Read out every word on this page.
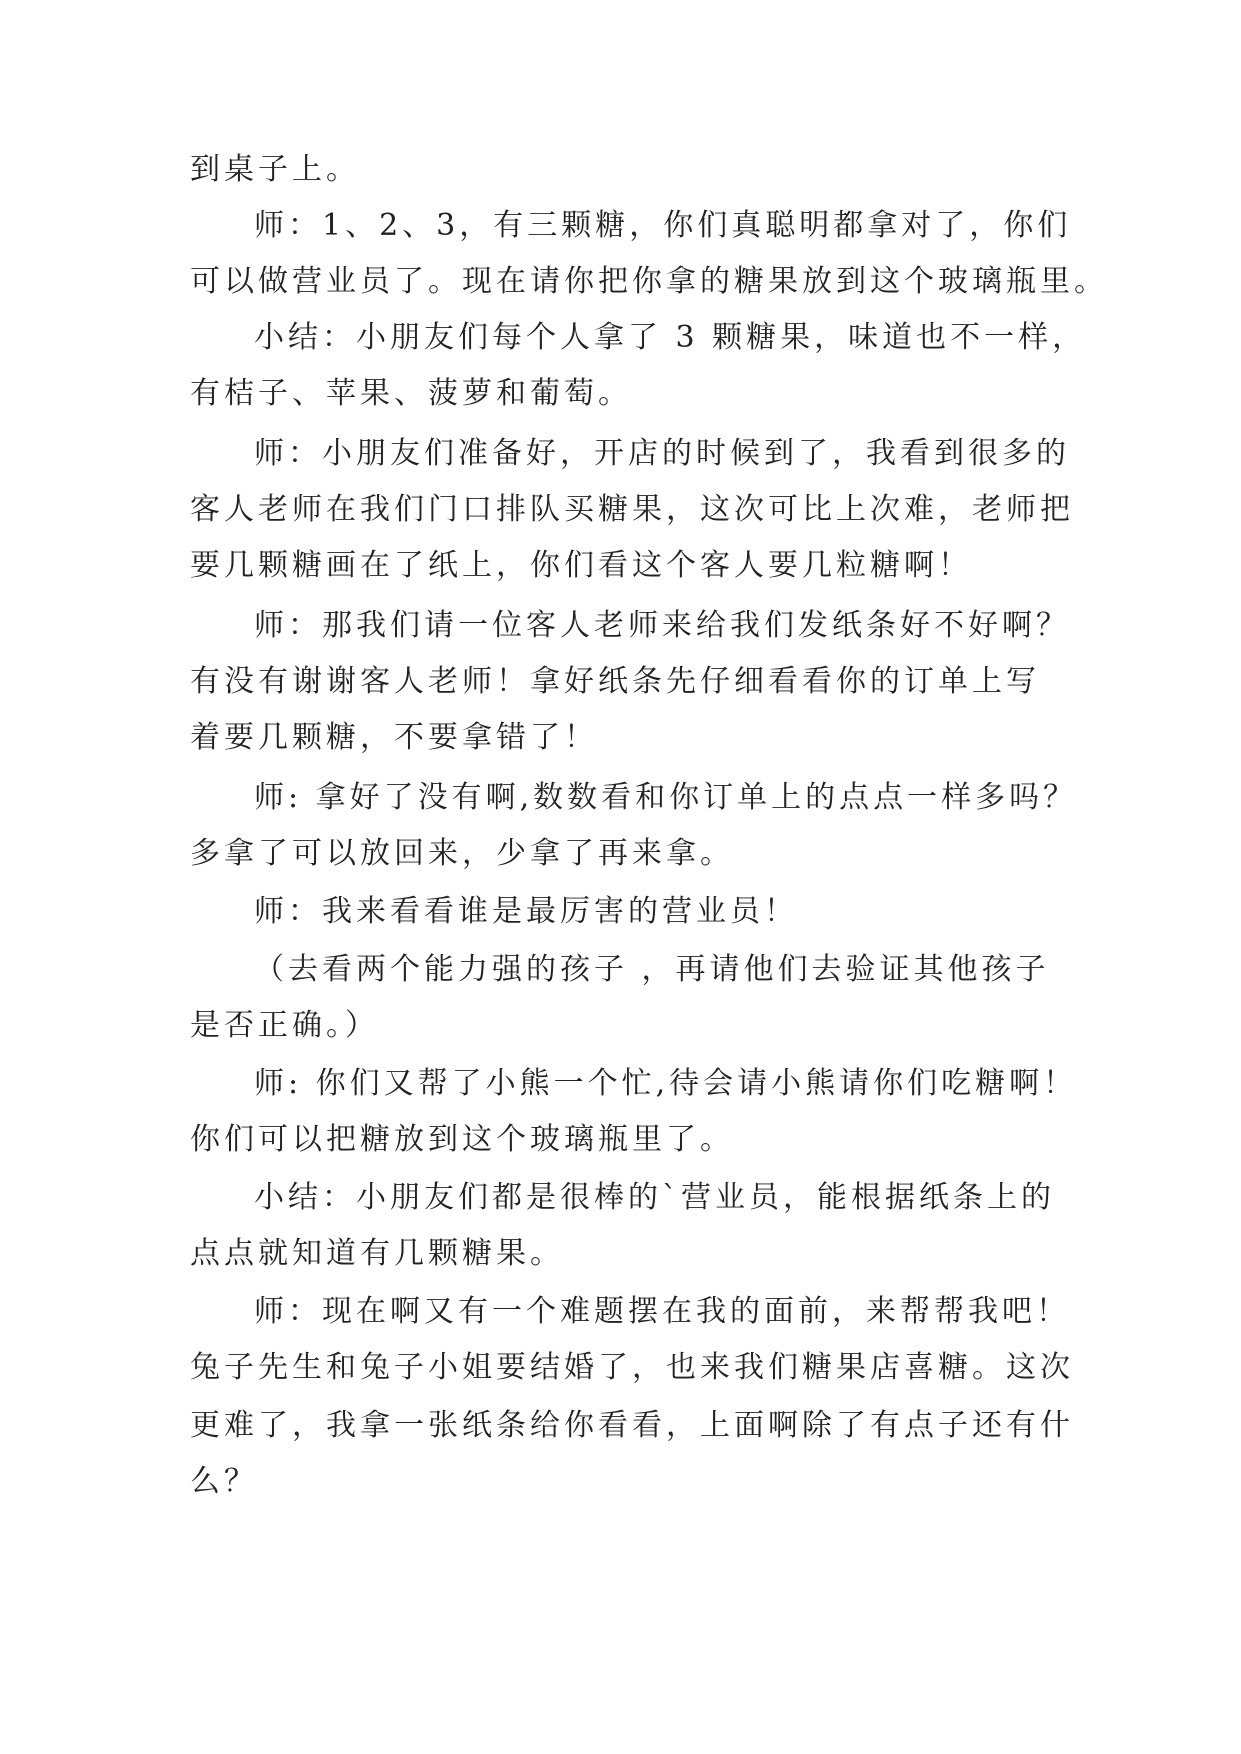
到桌子上。
师：1、2、3，有三颗糖，你们真聪明都拿对了，你们
可以做营业员了。现在请你把你拿的糖果放到这个玻璃瓶里。
小结：小朋友们每个人拿了 3 颗糖果，味道也不一样，
有桔子、苹果、菠萝和葡萄。
师：小朋友们准备好，开店的时候到了，我看到很多的
客人老师在我们门口排队买糖果，这次可比上次难，老师把
要几颗糖画在了纸上，你们看这个客人要几粒糖啊！
师：那我们请一位客人老师来给我们发纸条好不好啊？
有没有谢谢客人老师！拿好纸条先仔细看看你的订单上写
着要几颗糖，不要拿错了！
师: 拿好了没有啊,数数看和你订单上的点点一样多吗？
多拿了可以放回来，少拿了再来拿。
师：我来看看谁是最厉害的营业员！
（去看两个能力强的孩子 ，再请他们去验证其他孩子
是否正确。）
师: 你们又帮了小熊一个忙,待会请小熊请你们吃糖啊！
你们可以把糖放到这个玻璃瓶里了。
小结：小朋友们都是很棒的`营业员，能根据纸条上的
点点就知道有几颗糖果。
师：现在啊又有一个难题摆在我的面前，来帮帮我吧！
兔子先生和兔子小姐要结婚了，也来我们糖果店喜糖。这次
更难了，我拿一张纸条给你看看，上面啊除了有点子还有什
么？
